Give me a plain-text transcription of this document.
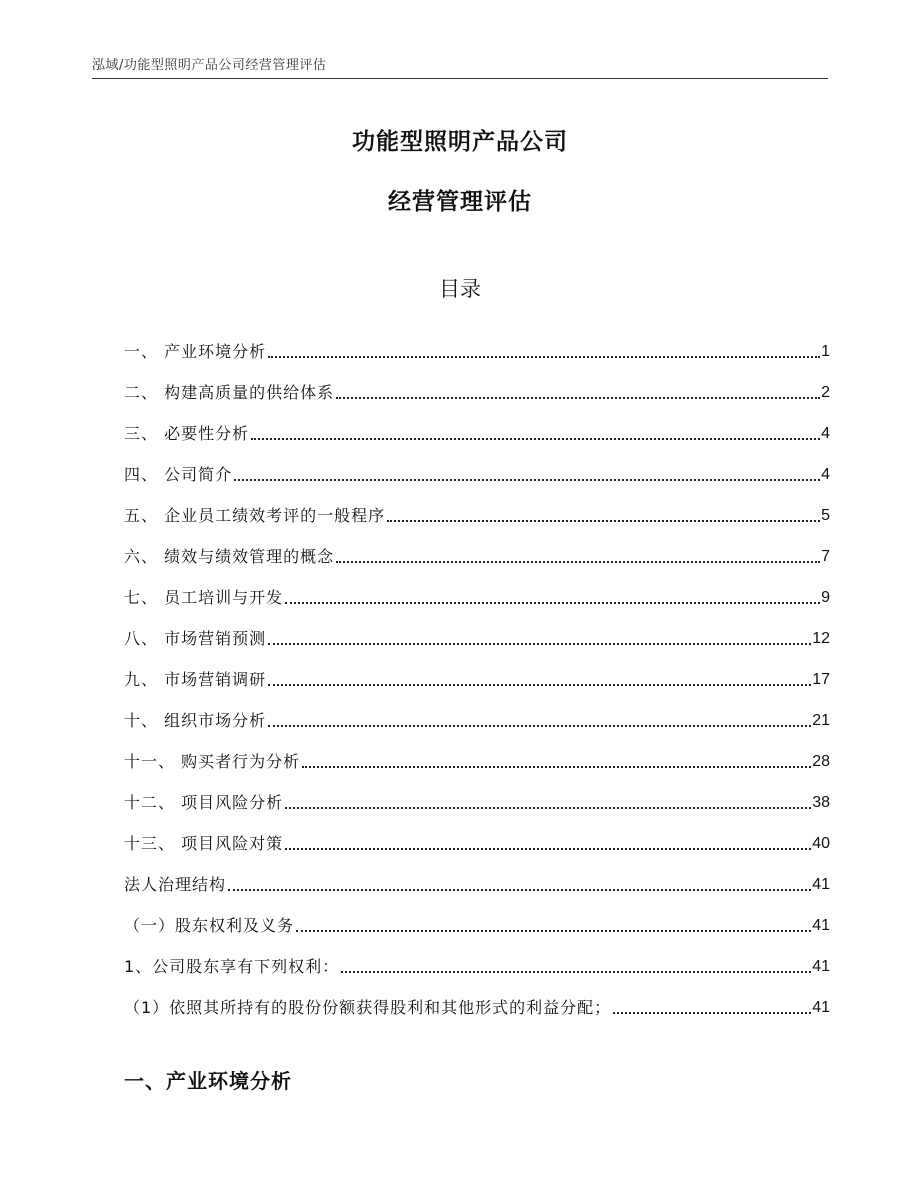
泓域/功能型照明产品公司经营管理评估
功能型照明产品公司
经营管理评估
目录
一、 产业环境分析	1
二、 构建高质量的供给体系	2
三、 必要性分析	4
四、 公司简介	4
五、 企业员工绩效考评的一般程序	5
六、 绩效与绩效管理的概念	7
七、 员工培训与开发	9
八、 市场营销预测	12
九、 市场营销调研	17
十、 组织市场分析	21
十一、 购买者行为分析	28
十二、 项目风险分析	38
十三、 项目风险对策	40
法人治理结构	41
（一）股东权利及义务	41
1、公司股东享有下列权利：	41
（1）依照其所持有的股份份额获得股利和其他形式的利益分配；	41
一、产业环境分析
